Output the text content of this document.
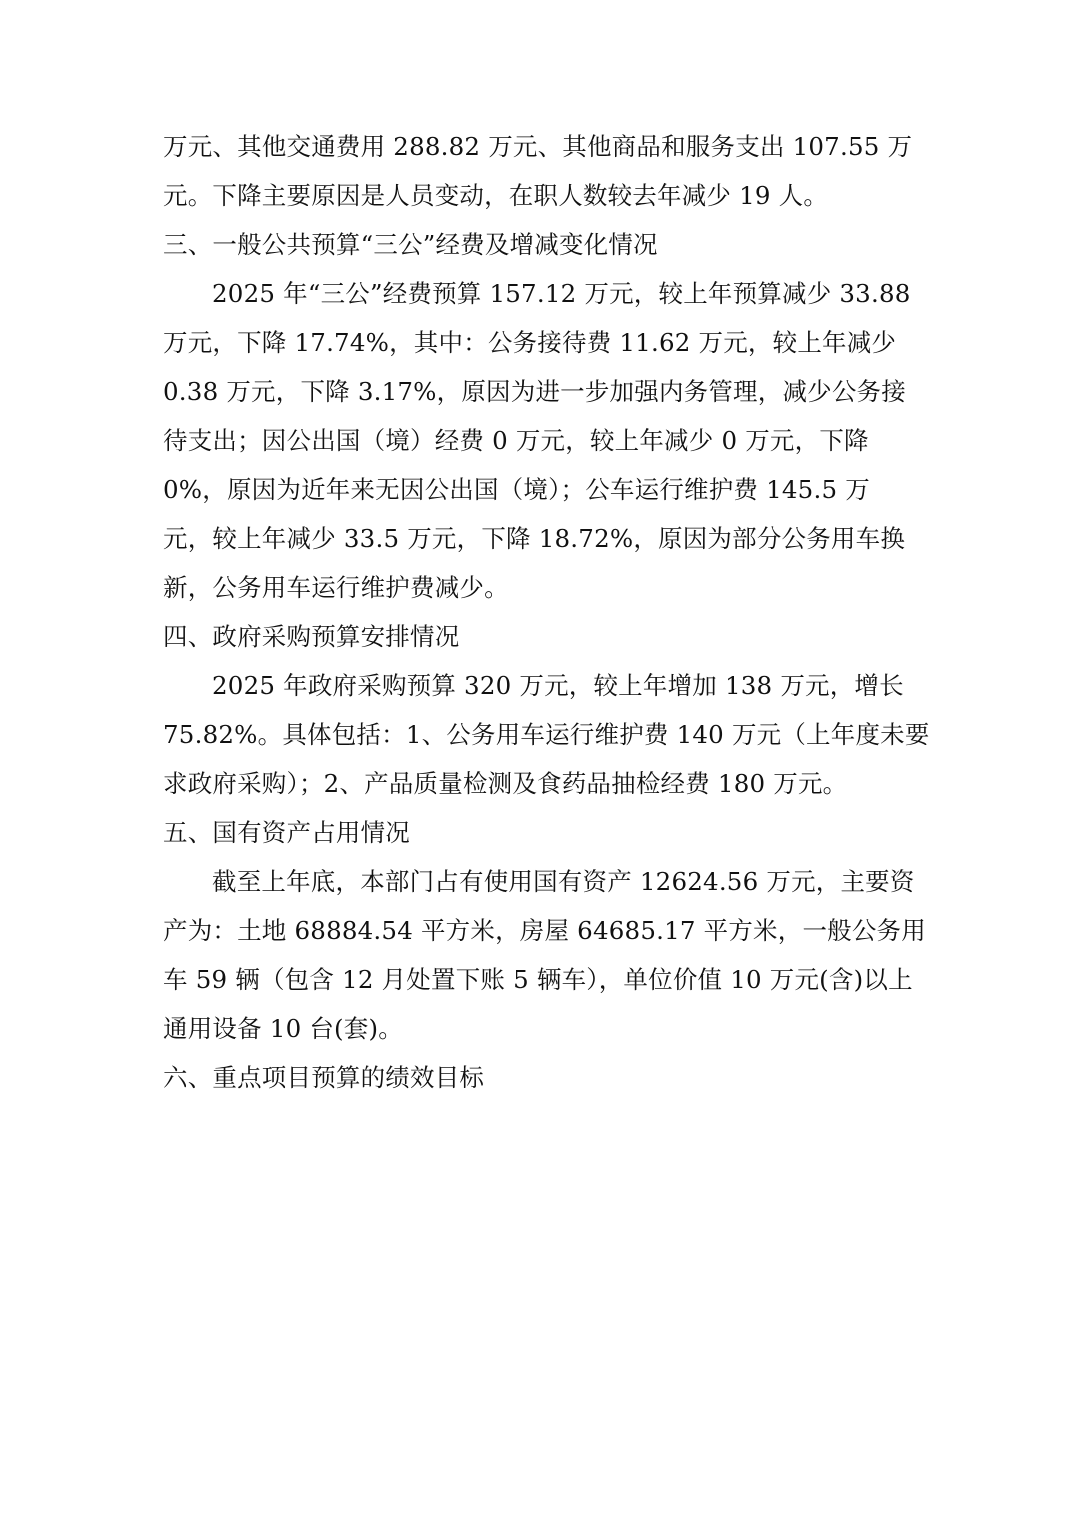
万元、其他交通费用 288.82 万元、其他商品和服务支出 107.55 万
元。下降主要原因是人员变动，在职人数较去年减少 19 人。
三、一般公共预算“三公”经费及增减变化情况
2025 年“三公”经费预算 157.12 万元，较上年预算减少 33.88
万元，下降 17.74%，其中：公务接待费 11.62 万元，较上年减少
0.38 万元，下降 3.17%，原因为进一步加强内务管理，减少公务接
待支出；因公出国（境）经费 0 万元，较上年减少 0 万元，下降
0%，原因为近年来无因公出国（境）；公车运行维护费 145.5 万
元，较上年减少 33.5 万元，下降 18.72%，原因为部分公务用车换
新，公务用车运行维护费减少。
四、政府采购预算安排情况
2025 年政府采购预算 320 万元，较上年增加 138 万元，增长
75.82%。具体包括：1、公务用车运行维护费 140 万元（上年度未要
求政府采购）；2、产品质量检测及食药品抽检经费 180 万元。
五、国有资产占用情况
截至上年底，本部门占有使用国有资产 12624.56 万元，主要资
产为：土地 68884.54 平方米，房屋 64685.17 平方米，一般公务用
车 59 辆（包含 12 月处置下账 5 辆车），单位价值 10 万元(含)以上
通用设备 10 台(套)。
六、重点项目预算的绩效目标
